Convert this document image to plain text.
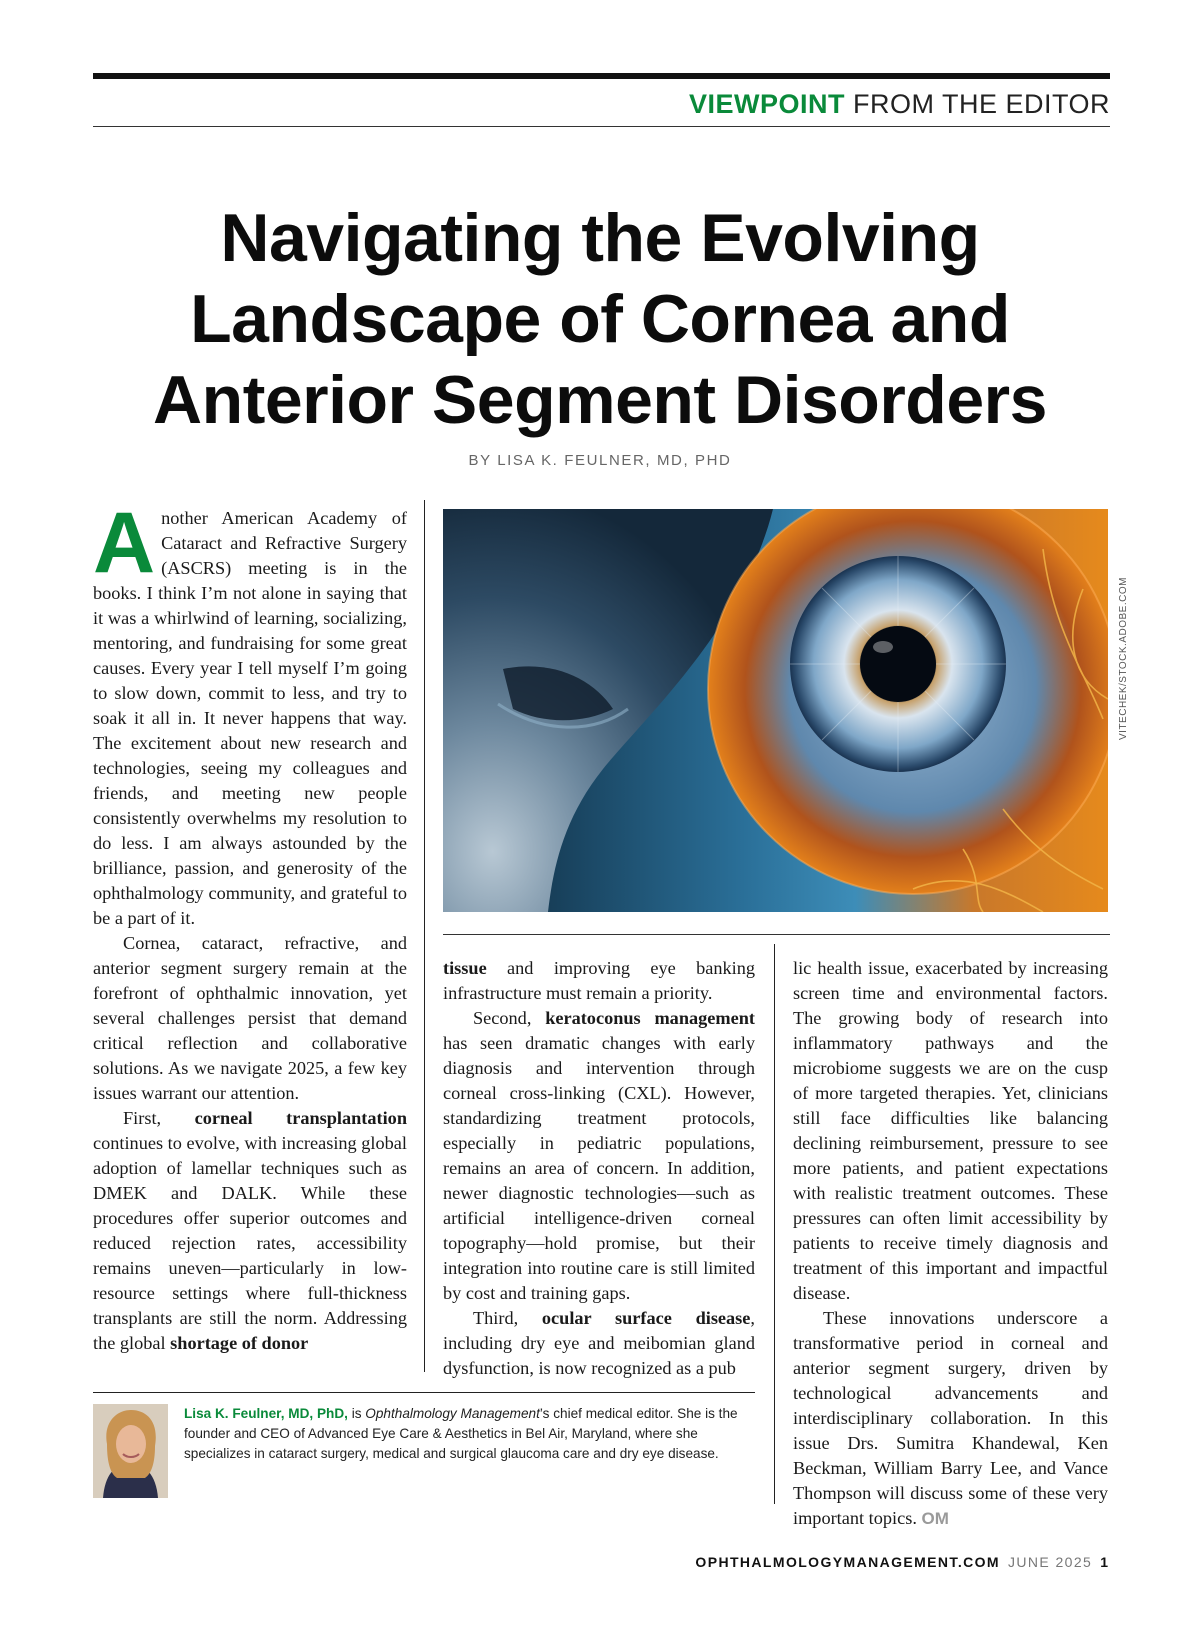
VIEWPOINT FROM THE EDITOR
Navigating the Evolving
Landscape of Cornea and
Anterior Segment Disorders
BY LISA K. FEULNER, MD, PHD

Another American Academy of Cataract and Refractive Surgery (ASCRS) meeting is in the books. I think I’m not alone in saying that it was a whirlwind of learning, socializing, mentoring, and fundraising for some great causes. Every year I tell myself I’m going to slow down, commit to less, and try to soak it all in. It never happens that way. The excitement about new research and technologies, seeing my colleagues and friends, and meeting new people consistently overwhelms my resolution to do less. I am always astounded by the brilliance, passion, and generosity of the ophthalmology community, and grateful to be a part of it.

Cornea, cataract, refractive, and anterior segment surgery remain at the forefront of ophthalmic innovation, yet several challenges persist that demand critical reflection and collaborative solutions. As we navigate 2025, a few key issues warrant our attention.

First, corneal transplantation continues to evolve, with increasing global adoption of lamellar techniques such as DMEK and DALK. While these procedures offer superior outcomes and reduced rejection rates, accessibility remains uneven—particularly in low-resource settings where full-thickness transplants are still the norm. Addressing the global shortage of donor

VITECHEK/STOCK.ADOBE.COM

tissue and improving eye banking infrastructure must remain a priority.

Second, keratoconus management has seen dramatic changes with early diagnosis and intervention through corneal cross-linking (CXL). However, standardizing treatment protocols, especially in pediatric populations, remains an area of concern. In addition, newer diagnostic technologies—such as artificial intelligence-driven corneal topography—hold promise, but their integration into routine care is still limited by cost and training gaps.

Third, ocular surface disease, including dry eye and meibomian gland dysfunction, is now recognized as a pub

lic health issue, exacerbated by increasing screen time and environmental factors. The growing body of research into inflammatory pathways and the microbiome suggests we are on the cusp of more targeted therapies. Yet, clinicians still face difficulties like balancing declining reimbursement, pressure to see more patients, and patient expectations with realistic treatment outcomes. These pressures can often limit accessibility by patients to receive timely diagnosis and treatment of this important and impactful disease.

These innovations underscore a transformative period in corneal and anterior segment surgery, driven by technological advancements and interdisciplinary collaboration. In this issue Drs. Sumitra Khandewal, Ken Beckman, William Barry Lee, and Vance Thompson will discuss some of these very important topics. OM

Lisa K. Feulner, MD, PhD, is Ophthalmology Management’s chief medical editor. She is the founder and CEO of Advanced Eye Care & Aesthetics in Bel Air, Maryland, where she specializes in cataract surgery, medical and surgical glaucoma care and dry eye disease.
OPHTHALMOLOGYMANAGEMENT.COM JUNE 2025 1
